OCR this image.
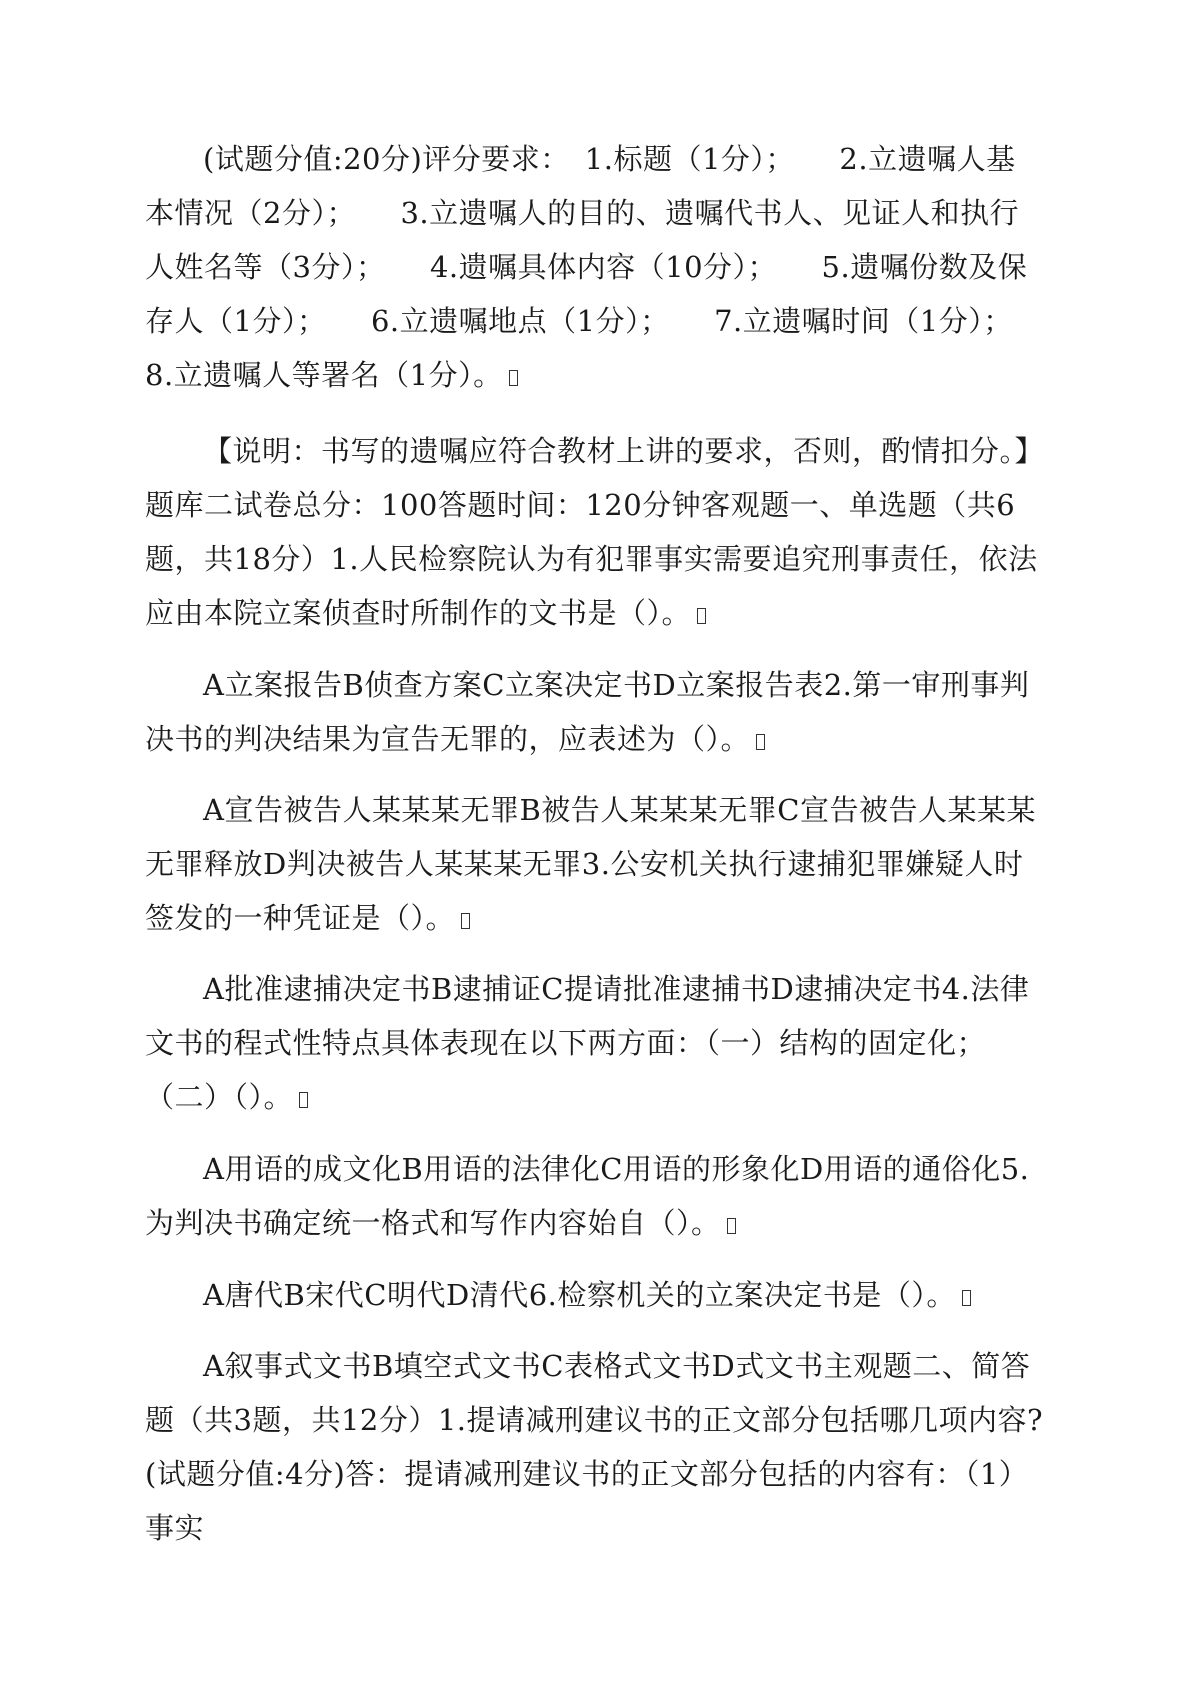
(试题分值:20分)评分要求：　1.标题（1分）；　　2.立遗嘱人基本情况（2分）；　　3.立遗嘱人的目的、遗嘱代书人、见证人和执行人姓名等（3分）；　　4.遗嘱具体内容（10分）；　　5.遗嘱份数及保存人（1分）；　　6.立遗嘱地点（1分）；　　7.立遗嘱时间（1分）；　　8.立遗嘱人等署名（1分）。

【说明：书写的遗嘱应符合教材上讲的要求，否则，酌情扣分。】题库二试卷总分：100答题时间：120分钟客观题一、单选题（共6题，共18分）1.人民检察院认为有犯罪事实需要追究刑事责任，依法应由本院立案侦查时所制作的文书是（）。

A立案报告B侦查方案C立案决定书D立案报告表2.第一审刑事判决书的判决结果为宣告无罪的，应表述为（）。

A宣告被告人某某某无罪B被告人某某某无罪C宣告被告人某某某无罪释放D判决被告人某某某无罪3.公安机关执行逮捕犯罪嫌疑人时签发的一种凭证是（）。

A批准逮捕决定书B逮捕证C提请批准逮捕书D逮捕决定书4.法律文书的程式性特点具体表现在以下两方面：（一）结构的固定化；　（二）（）。

A用语的成文化B用语的法律化C用语的形象化D用语的通俗化5.为判决书确定统一格式和写作内容始自（）。

A唐代B宋代C明代D清代6.检察机关的立案决定书是（）。

A叙事式文书B填空式文书C表格式文书D式文书主观题二、简答题（共3题，共12分）1.提请减刑建议书的正文部分包括哪几项内容?(试题分值:4分)答：提请减刑建议书的正文部分包括的内容有：（1）事实
